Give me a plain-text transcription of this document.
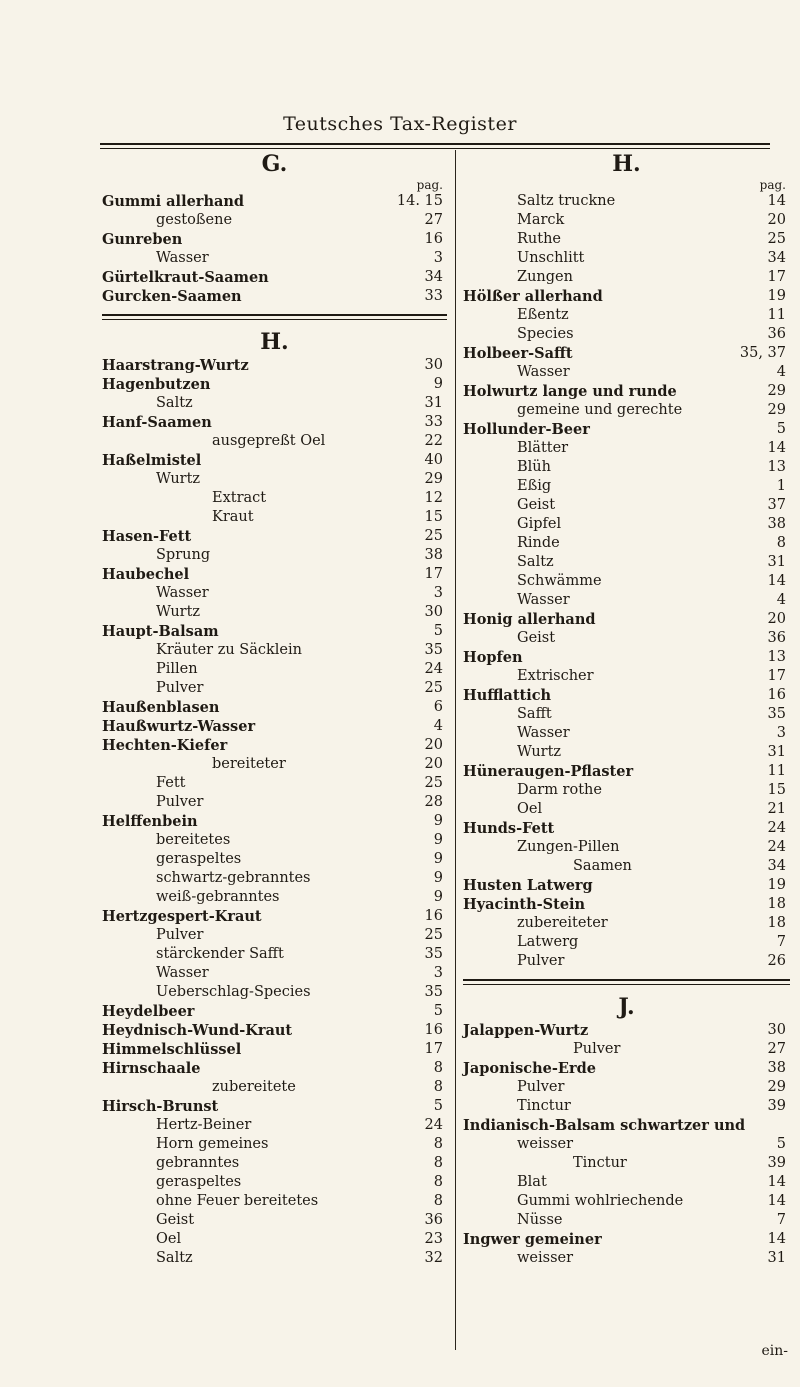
Teutsches Tax-Register
G.
pag.
Gummi allerhand	14. 15
gestoßene	27
Gunreben	16
Wasser	3
Gürtelkraut-Saamen	34
Gurcken-Saamen	33
H.
Haarstrang-Wurtz	30
Hagenbutzen	9
Saltz	31
Hanf-Saamen	33
ausgepreßt Oel	22
Haßelmistel	40
Wurtz	29
Extract	12
Kraut	15
Hasen-Fett	25
Sprung	38
Haubechel	17
Wasser	3
Wurtz	30
Haupt-Balsam	5
Kräuter zu Säcklein	35
Pillen	24
Pulver	25
Haußenblasen	6
Haußwurtz-Wasser	4
Hechten-Kiefer	20
bereiteter	20
Fett	25
Pulver	28
Helffenbein	9
bereitetes	9
geraspeltes	9
schwartz-gebranntes	9
weiß-gebranntes	9
Hertzgespert-Kraut	16
Pulver	25
stärckender Safft	35
Wasser	3
Ueberschlag-Species	35
Heydelbeer	5
Heydnisch-Wund-Kraut	16
Himmelschlüssel	17
Hirnschaale	8
zubereitete	8
Hirsch-Brunst	5
Hertz-Beiner	24
Horn gemeines	8
gebranntes	8
geraspeltes	8
ohne Feuer bereitetes	8
Geist	36
Oel	23
Saltz	32
H.
pag.
Saltz truckne	14
Marck	20
Ruthe	25
Unschlitt	34
Zungen	17
Hölßer allerhand	19
Eßentz	11
Species	36
Holbeer-Safft	35, 37
Wasser	4
Holwurtz lange und runde	29
gemeine und gerechte	29
Hollunder-Beer	5
Blätter	14
Blüh	13
Eßig	1
Geist	37
Gipfel	38
Rinde	8
Saltz	31
Schwämme	14
Wasser	4
Honig allerhand	20
Geist	36
Hopfen	13
Extrischer	17
Hufflattich	16
Safft	35
Wasser	3
Wurtz	31
Hüneraugen-Pflaster	11
Darm rothe	15
Oel	21
Hunds-Fett	24
Zungen-Pillen	24
Saamen	34
Husten Latwerg	19
Hyacinth-Stein	18
zubereiteter	18
Latwerg	7
Pulver	26
J.
Jalappen-Wurtz	30
Pulver	27
Japonische-Erde	38
Pulver	29
Tinctur	39
Indianisch-Balsam schwartzer und
weisser	5
Tinctur	39
Blat	14
Gummi wohlriechende	14
Nüsse	7
Ingwer gemeiner	14
weisser	31
ein-
